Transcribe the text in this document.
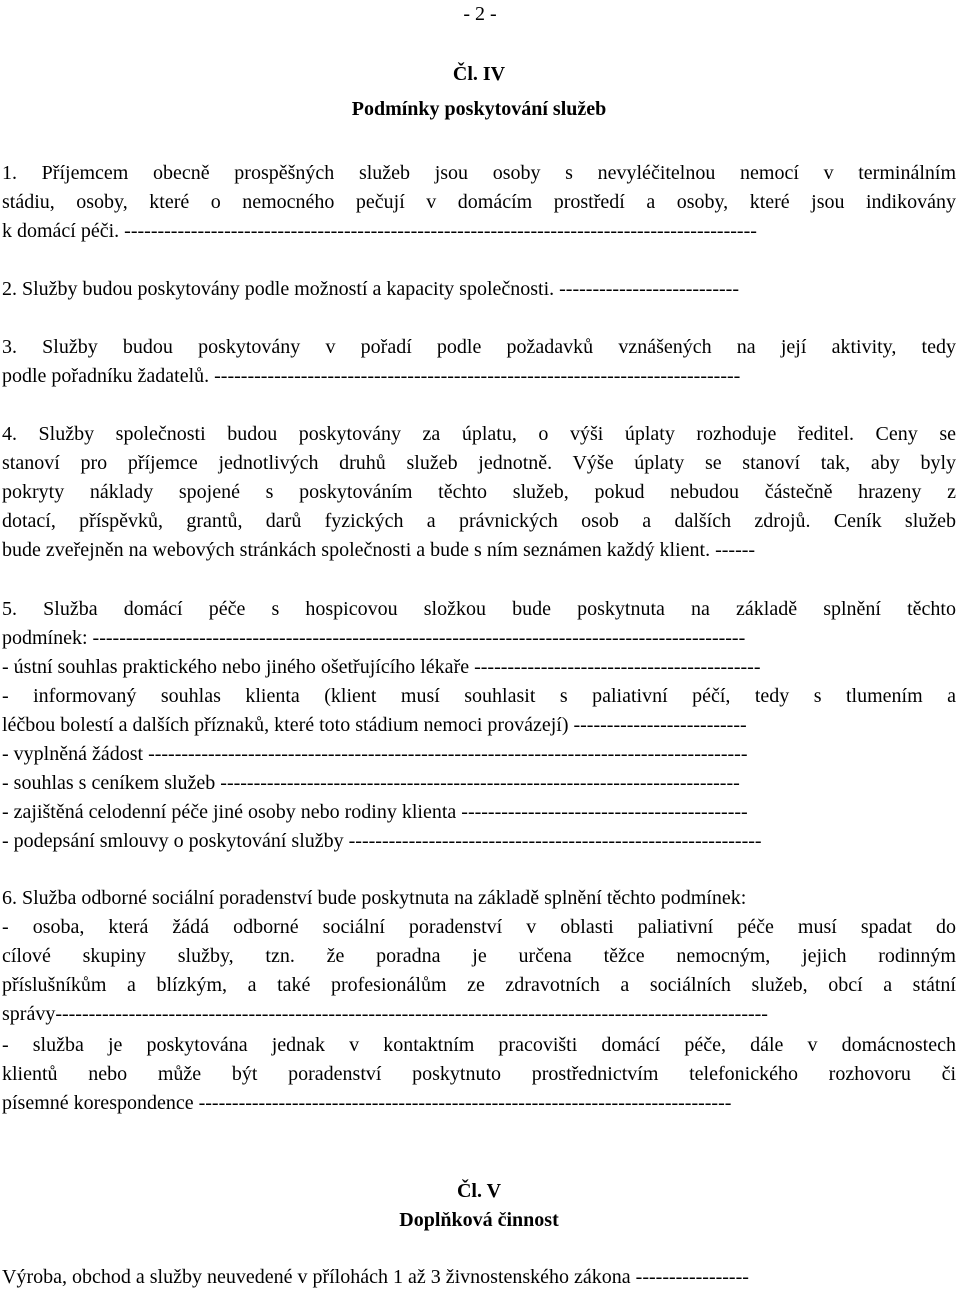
- 2 -
Čl. IV
Podmínky poskytování služeb
1. Příjemcem obecně prospěšných služeb jsou osoby s nevyléčitelnou nemocí v terminálním
stádiu, osoby, které o nemocného pečují v domácím prostředí a osoby, které jsou indikovány
k domácí péči. -----------------------------------------------------------------------------------------------
2. Služby budou poskytovány podle možností a kapacity společnosti. ---------------------------
3. Služby budou poskytovány v pořadí podle požadavků vznášených na její aktivity, tedy
podle pořadníku žadatelů. -------------------------------------------------------------------------------
4. Služby společnosti budou poskytovány za úplatu, o výši úplaty rozhoduje ředitel. Ceny se
stanoví pro příjemce jednotlivých druhů služeb jednotně. Výše úplaty se stanoví tak, aby byly
pokryty náklady spojené s poskytováním těchto služeb, pokud nebudou částečně hrazeny z
dotací, příspěvků, grantů, darů fyzických a právnických osob a dalších zdrojů. Ceník služeb
bude zveřejněn na webových stránkách společnosti a bude s ním seznámen každý klient. ------
5. Služba domácí péče s hospicovou složkou bude poskytnuta na základě splnění těchto
podmínek: --------------------------------------------------------------------------------------------------
- ústní souhlas praktického nebo jiného ošetřujícího lékaře -------------------------------------------
- informovaný souhlas klienta (klient musí souhlasit s paliativní péčí, tedy s tlumením a
léčbou bolestí a dalších příznaků, které toto stádium nemoci provázejí) --------------------------
- vyplněná žádost ------------------------------------------------------------------------------------------
- souhlas s ceníkem služeb ------------------------------------------------------------------------------
- zajištěná celodenní péče jiné osoby nebo rodiny klienta -------------------------------------------
- podepsání smlouvy o poskytování služby --------------------------------------------------------------
6. Služba odborné sociální poradenství bude poskytnuta na základě splnění těchto podmínek:
- osoba, která žádá odborné sociální poradenství v oblasti paliativní péče musí spadat do
cílové skupiny služby, tzn. že poradna je určena těžce nemocným, jejich rodinným
příslušníkům a blízkým, a také profesionálům ze zdravotních a sociálních služeb, obcí a státní
správy-----------------------------------------------------------------------------------------------------------
- služba je poskytována jednak v kontaktním pracovišti domácí péče, dále v domácnostech
klientů nebo může být poradenství poskytnuto prostřednictvím telefonického rozhovoru či
písemné korespondence --------------------------------------------------------------------------------
Čl. V
Doplňková činnost
Výroba, obchod a služby neuvedené v přílohách 1 až 3 živnostenského zákona -----------------
